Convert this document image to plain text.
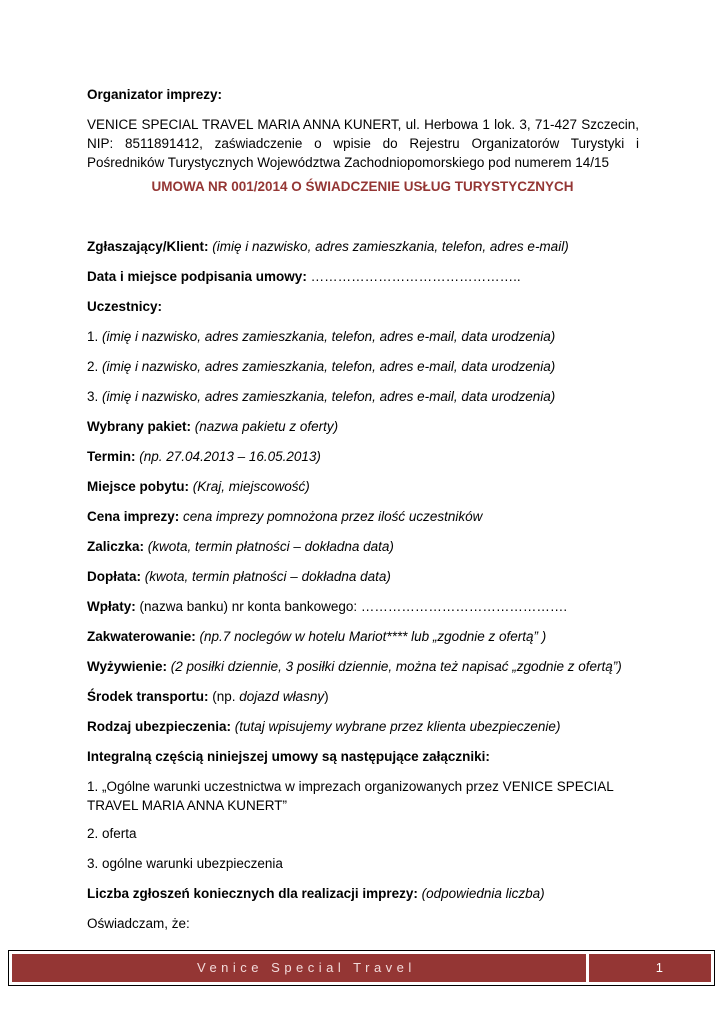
Organizator imprezy:
VENICE SPECIAL TRAVEL MARIA ANNA KUNERT, ul. Herbowa 1 lok. 3, 71-427 Szczecin, NIP: 8511891412, zaświadczenie o wpisie do Rejestru Organizatorów Turystyki i Pośredników Turystycznych Województwa Zachodniopomorskiego pod numerem 14/15
UMOWA NR 001/2014 O ŚWIADCZENIE USŁUG TURYSTYCZNYCH
Zgłaszający/Klient: (imię i nazwisko, adres zamieszkania, telefon, adres e-mail)
Data i miejsce podpisania umowy: ………………………………………..
Uczestnicy:
1. (imię i nazwisko, adres zamieszkania, telefon, adres e-mail, data urodzenia)
2. (imię i nazwisko, adres zamieszkania, telefon, adres e-mail, data urodzenia)
3. (imię i nazwisko, adres zamieszkania, telefon, adres e-mail, data urodzenia)
Wybrany pakiet: (nazwa pakietu z oferty)
Termin: (np. 27.04.2013 – 16.05.2013)
Miejsce pobytu: (Kraj, miejscowość)
Cena imprezy: cena imprezy pomnożona przez ilość uczestników
Zaliczka: (kwota, termin płatności – dokładna data)
Dopłata: (kwota, termin płatności – dokładna data)
Wpłaty: (nazwa banku) nr konta bankowego: ……………………………………….
Zakwaterowanie: (np.7 noclegów w hotelu Mariot**** lub „zgodnie z ofertą” )
Wyżywienie: (2 posiłki dziennie, 3 posiłki dziennie, można też napisać „zgodnie z ofertą”)
Środek transportu: (np. dojazd własny)
Rodzaj ubezpieczenia: (tutaj wpisujemy wybrane przez klienta ubezpieczenie)
Integralną częścią niniejszej umowy są następujące załączniki:
1. „Ogólne warunki uczestnictwa w imprezach organizowanych przez VENICE SPECIAL
TRAVEL MARIA ANNA KUNERT”
2. oferta
3. ogólne warunki ubezpieczenia
Liczba zgłoszeń koniecznych dla realizacji imprezy: (odpowiednia liczba)
Oświadczam, że:
Venice Special Travel	1
